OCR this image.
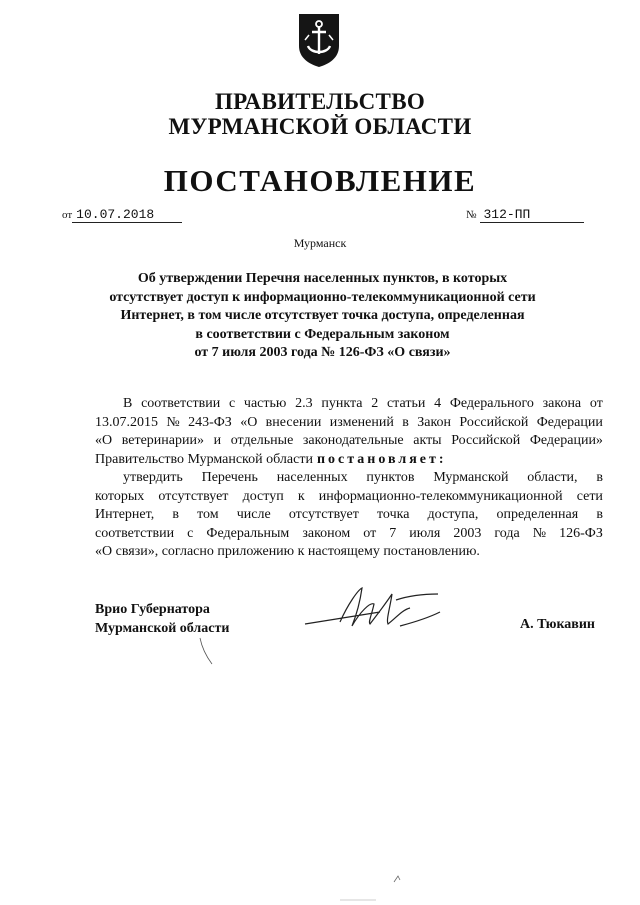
ПРАВИТЕЛЬСТВО
МУРМАНСКОЙ ОБЛАСТИ
ПОСТАНОВЛЕНИЕ
от 10.07.2018	№ 312-ПП
Мурманск
Об утверждении Перечня населенных пунктов, в которых
отсутствует доступ к информационно-телекоммуникационной сети
Интернет, в том числе отсутствует точка доступа, определенная
в соответствии с Федеральным законом
от 7 июля 2003 года № 126-ФЗ «О связи»
В соответствии с частью 2.3 пункта 2 статьи 4 Федерального закона от
13.07.2015 № 243-ФЗ «О внесении изменений в Закон Российской Федерации
«О ветеринарии» и отдельные законодательные акты Российской Федерации»
Правительство Мурманской области постановляет:
утвердить Перечень населенных пунктов Мурманской области, в
которых отсутствует доступ к информационно-телекоммуникационной сети
Интернет, в том числе отсутствует точка доступа, определенная в
соответствии с Федеральным законом от 7 июля 2003 года № 126-ФЗ
«О связи», согласно приложению к настоящему постановлению.
Врио Губернатора
Мурманской области	А. Тюкавин
